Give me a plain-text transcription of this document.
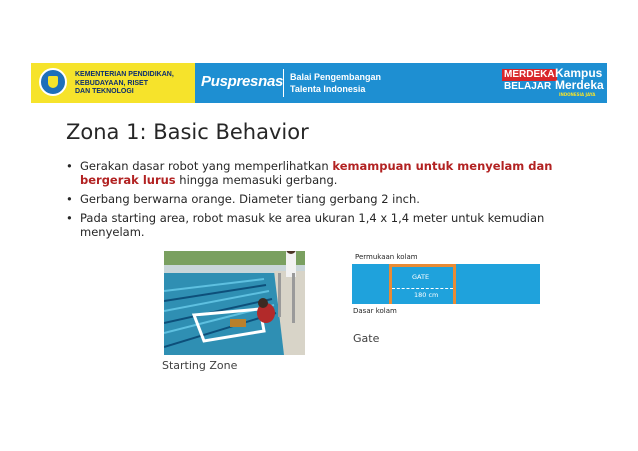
KEMENTERIAN PENDIDIKAN,
KEBUDAYAAN, RISET
DAN TEKNOLOGI
Puspresnas Balai Pengembangan
Talenta Indonesia
MERDEKA
BELAJAR
Kampus
Merdeka
INDONESIA JAYA
Zona 1: Basic Behavior
• Gerakan dasar robot yang memperlihatkan kemampuan untuk menyelam dan bergerak lurus hingga memasuki gerbang.
• Gerbang berwarna orange. Diameter tiang gerbang 2 inch.
• Pada starting area, robot masuk ke area ukuran 1,4 x 1,4 meter untuk kemudian menyelam.
Starting Zone
Permukaan kolam
GATE
180 cm
Dasar kolam
Gate
